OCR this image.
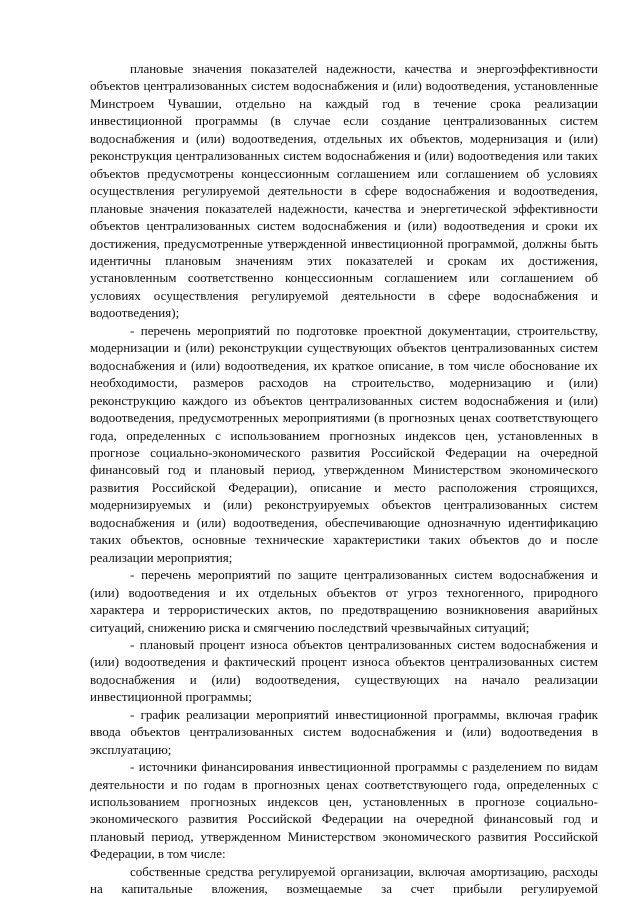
плановые значения показателей надежности, качества и энергоэффективности объектов централизованных систем водоснабжения и (или) водоотведения, установленные Минстроем Чувашии, отдельно на каждый год в течение срока реализации инвестиционной программы (в случае если создание централизованных систем водоснабжения и (или) водоотведения, отдельных их объектов, модернизация и (или) реконструкция централизованных систем водоснабжения и (или) водоотведения или таких объектов предусмотрены концессионным соглашением или соглашением об условиях осуществления регулируемой деятельности в сфере водоснабжения и водоотведения, плановые значения показателей надежности, качества и энергетической эффективности объектов централизованных систем водоснабжения и (или) водоотведения и сроки их достижения, предусмотренные утвержденной инвестиционной программой, должны быть идентичны плановым значениям этих показателей и срокам их достижения, установленным соответственно концессионным соглашением или соглашением об условиях осуществления регулируемой деятельности в сфере водоснабжения и водоотведения);

- перечень мероприятий по подготовке проектной документации, строительству, модернизации и (или) реконструкции существующих объектов централизованных систем водоснабжения и (или) водоотведения, их краткое описание, в том числе обоснование их необходимости, размеров расходов на строительство, модернизацию и (или) реконструкцию каждого из объектов централизованных систем водоснабжения и (или) водоотведения, предусмотренных мероприятиями (в прогнозных ценах соответствующего года, определенных с использованием прогнозных индексов цен, установленных в прогнозе социально-экономического развития Российской Федерации на очередной финансовый год и плановый период, утвержденном Министерством экономического развития Российской Федерации), описание и место расположения строящихся, модернизируемых и (или) реконструируемых объектов централизованных систем водоснабжения и (или) водоотведения, обеспечивающие однозначную идентификацию таких объектов, основные технические характеристики таких объектов до и после реализации мероприятия;

- перечень мероприятий по защите централизованных систем водоснабжения и (или) водоотведения и их отдельных объектов от угроз техногенного, природного характера и террористических актов, по предотвращению возникновения аварийных ситуаций, снижению риска и смягчению последствий чрезвычайных ситуаций;

- плановый процент износа объектов централизованных систем водоснабжения и (или) водоотведения и фактический процент износа объектов централизованных систем водоснабжения и (или) водоотведения, существующих на начало реализации инвестиционной программы;

- график реализации мероприятий инвестиционной программы, включая график ввода объектов централизованных систем водоснабжения и (или) водоотведения в эксплуатацию;

- источники финансирования инвестиционной программы с разделением по видам деятельности и по годам в прогнозных ценах соответствующего года, определенных с использованием прогнозных индексов цен, установленных в прогнозе социально-экономического развития Российской Федерации на очередной финансовый год и плановый период, утвержденном Министерством экономического развития Российской Федерации, в том числе:

собственные средства регулируемой организации, включая амортизацию, расходы на капитальные вложения, возмещаемые за счет прибыли регулируемой
